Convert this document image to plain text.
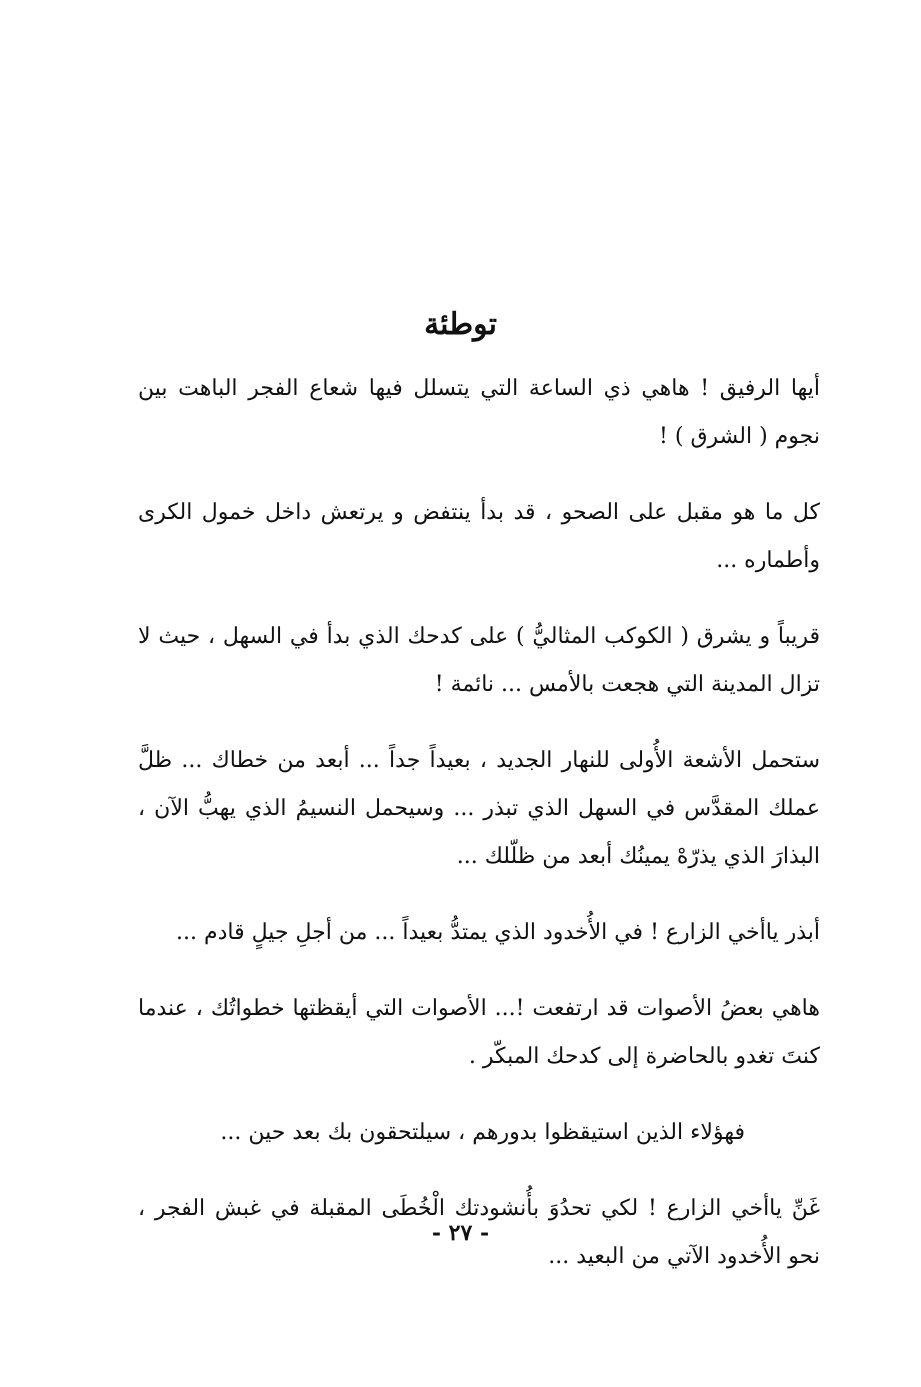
توطئة

أيها الرفيق ! هاهي ذي الساعة التي يتسلل فيها شعاع الفجر الباهت بين نجوم ( الشرق ) !

كل ما هو مقبل على الصحو ، قد بدأ ينتفض و يرتعش داخل خمول الكرى وأطماره ...

قريباً و يشرق ( الكوكب المثاليُّ ) على كدحك الذي بدأ في السهل ، حيث لا تزال المدينة التي هجعت بالأمس ... نائمة !

ستحمل الأشعة الأُولى للنهار الجديد ، بعيداً جداً ... أبعد من خطاك ... ظلَّ عملك المقدَّس في السهل الذي تبذر ... وسيحمل النسيمُ الذي يهبُّ الآن ، البذارَ الذي يذرّهْ يمينُك أبعد من ظلّلك ...

أبذر ياأخي الزارع ! في الأُخدود الذي يمتدُّ بعيداً ... من أجلِ جيلٍ قادم ...

هاهي بعضُ الأصوات قد ارتفعت !... الأصوات التي أيقظتها خطواتُك ، عندما كنتَ تغدو بالحاضرة إلى كدحك المبكّر .

فهؤلاء الذين استيقظوا بدورهم ، سيلتحقون بك بعد حين ...

غَنِّ ياأخي الزارع ! لكي تحدُوَ بأُنشودتك الْخُطَى المقبلة في غبش الفجر ، نحو الأُخدود الآتي من البعيد ...

- ٢٧ -
